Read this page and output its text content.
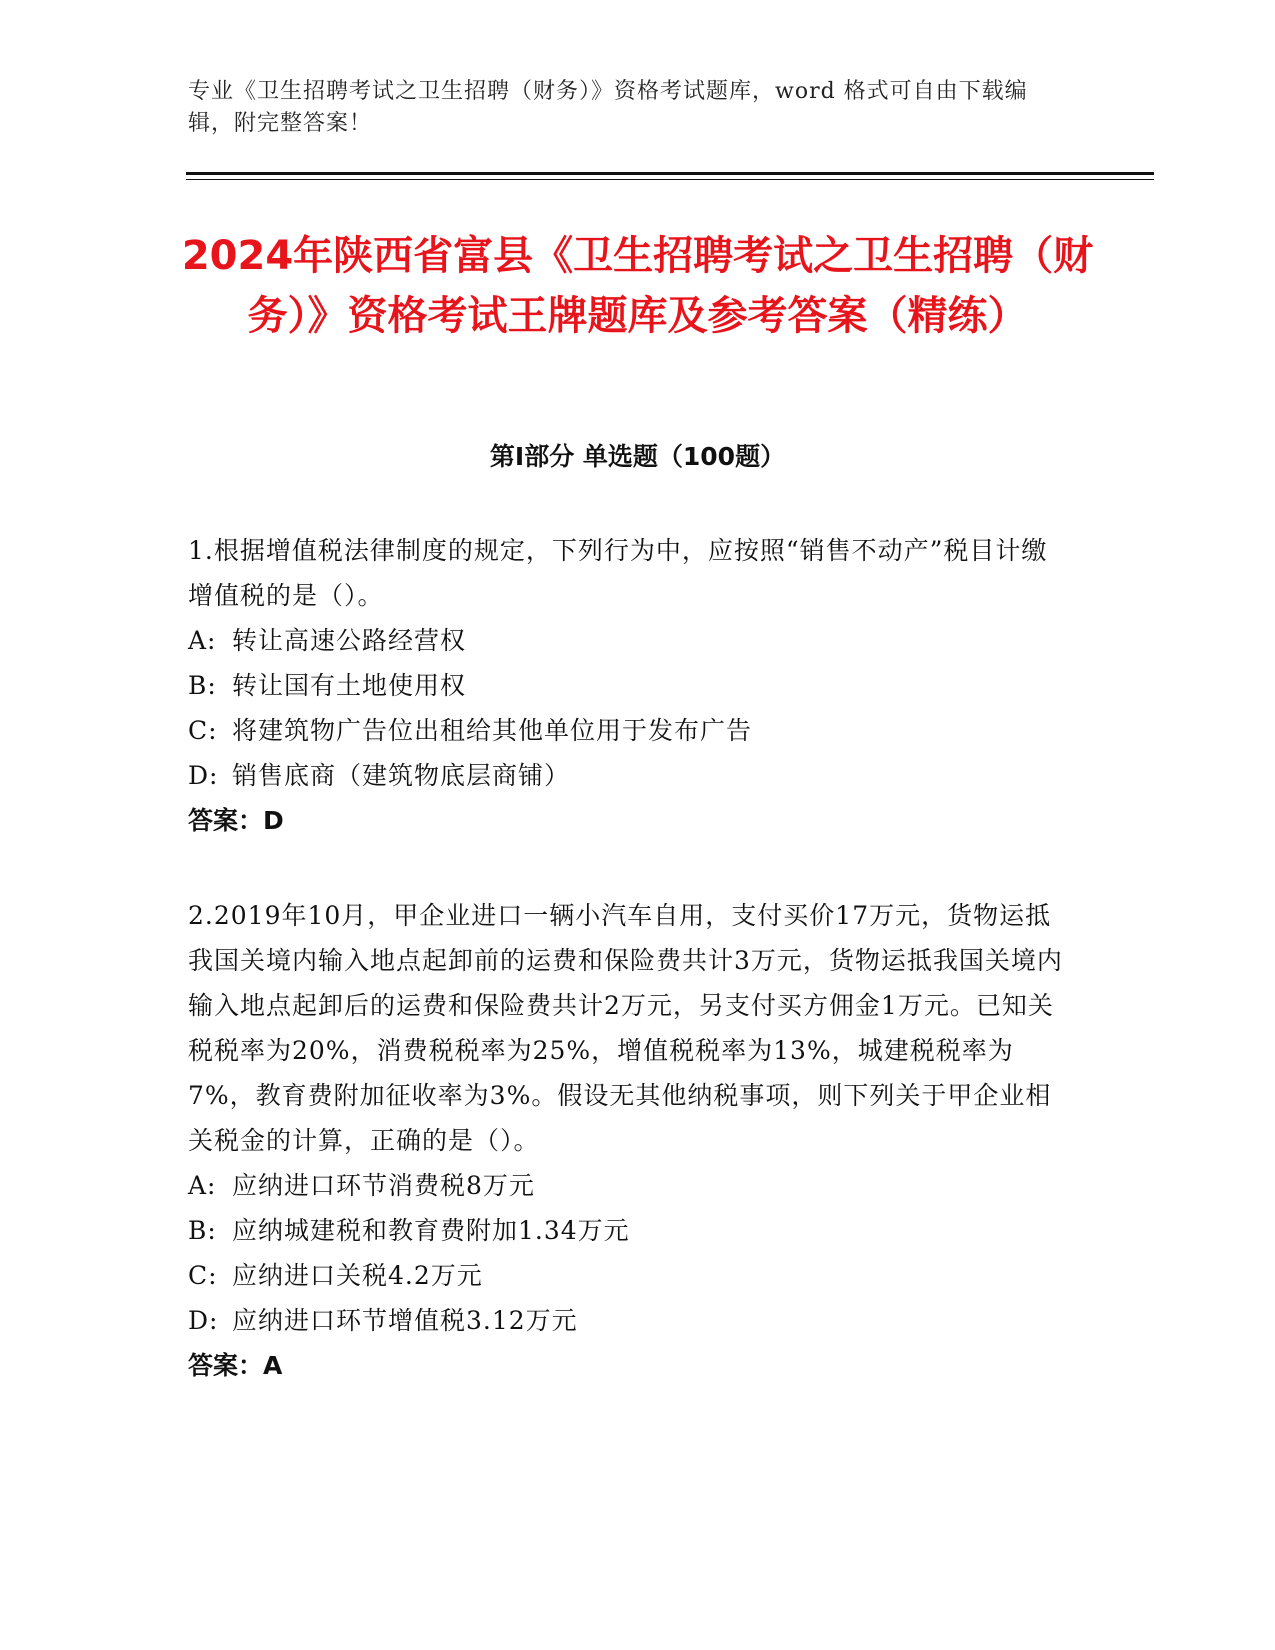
专业《卫生招聘考试之卫生招聘（财务）》资格考试题库，word 格式可自由下载编辑，附完整答案！
2024年陕西省富县《卫生招聘考试之卫生招聘（财务）》资格考试王牌题库及参考答案（精练）
第Ⅰ部分 单选题（100题）
1.根据增值税法律制度的规定，下列行为中，应按照“销售不动产”税目计缴增值税的是（）。
A: 转让高速公路经营权
B: 转让国有土地使用权
C: 将建筑物广告位出租给其他单位用于发布广告
D: 销售底商（建筑物底层商铺）
答案：D
2.2019年10月，甲企业进口一辆小汽车自用，支付买价17万元，货物运抵我国关境内输入地点起卸前的运费和保险费共计3万元，货物运抵我国关境内输入地点起卸后的运费和保险费共计2万元，另支付买方佣金1万元。已知关税税率为20%，消费税税率为25%，增值税税率为13%，城建税税率为7%，教育费附加征收率为3%。假设无其他纳税事项，则下列关于甲企业相关税金的计算，正确的是（）。
A: 应纳进口环节消费税8万元
B: 应纳城建税和教育费附加1.34万元
C: 应纳进口关税4.2万元
D: 应纳进口环节增值税3.12万元
答案：A
